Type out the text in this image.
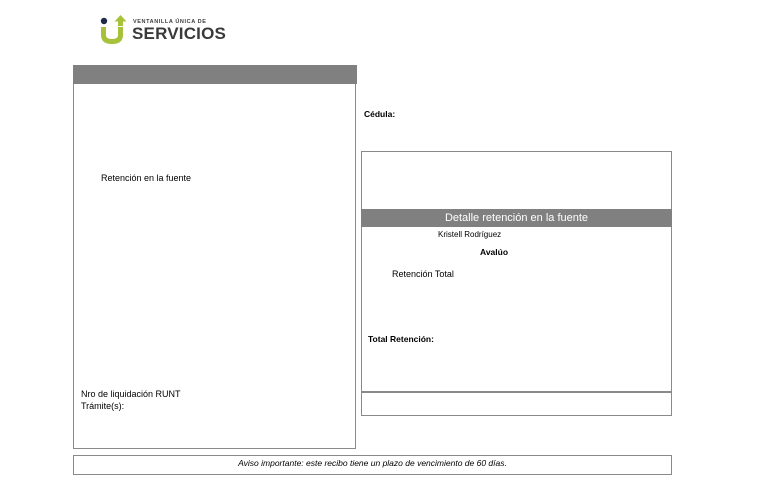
VENTANILLA ÚNICA DE
SERVICIOS
Retención en la fuente
Nro de liquidación RUNT
Trámite(s):
Cédula:
Detalle retención en la fuente
Kristell Rodríguez
Avalúo
Retención Total
Total Retención:
Aviso importante: este recibo tiene un plazo de vencimiento de 60 días.
